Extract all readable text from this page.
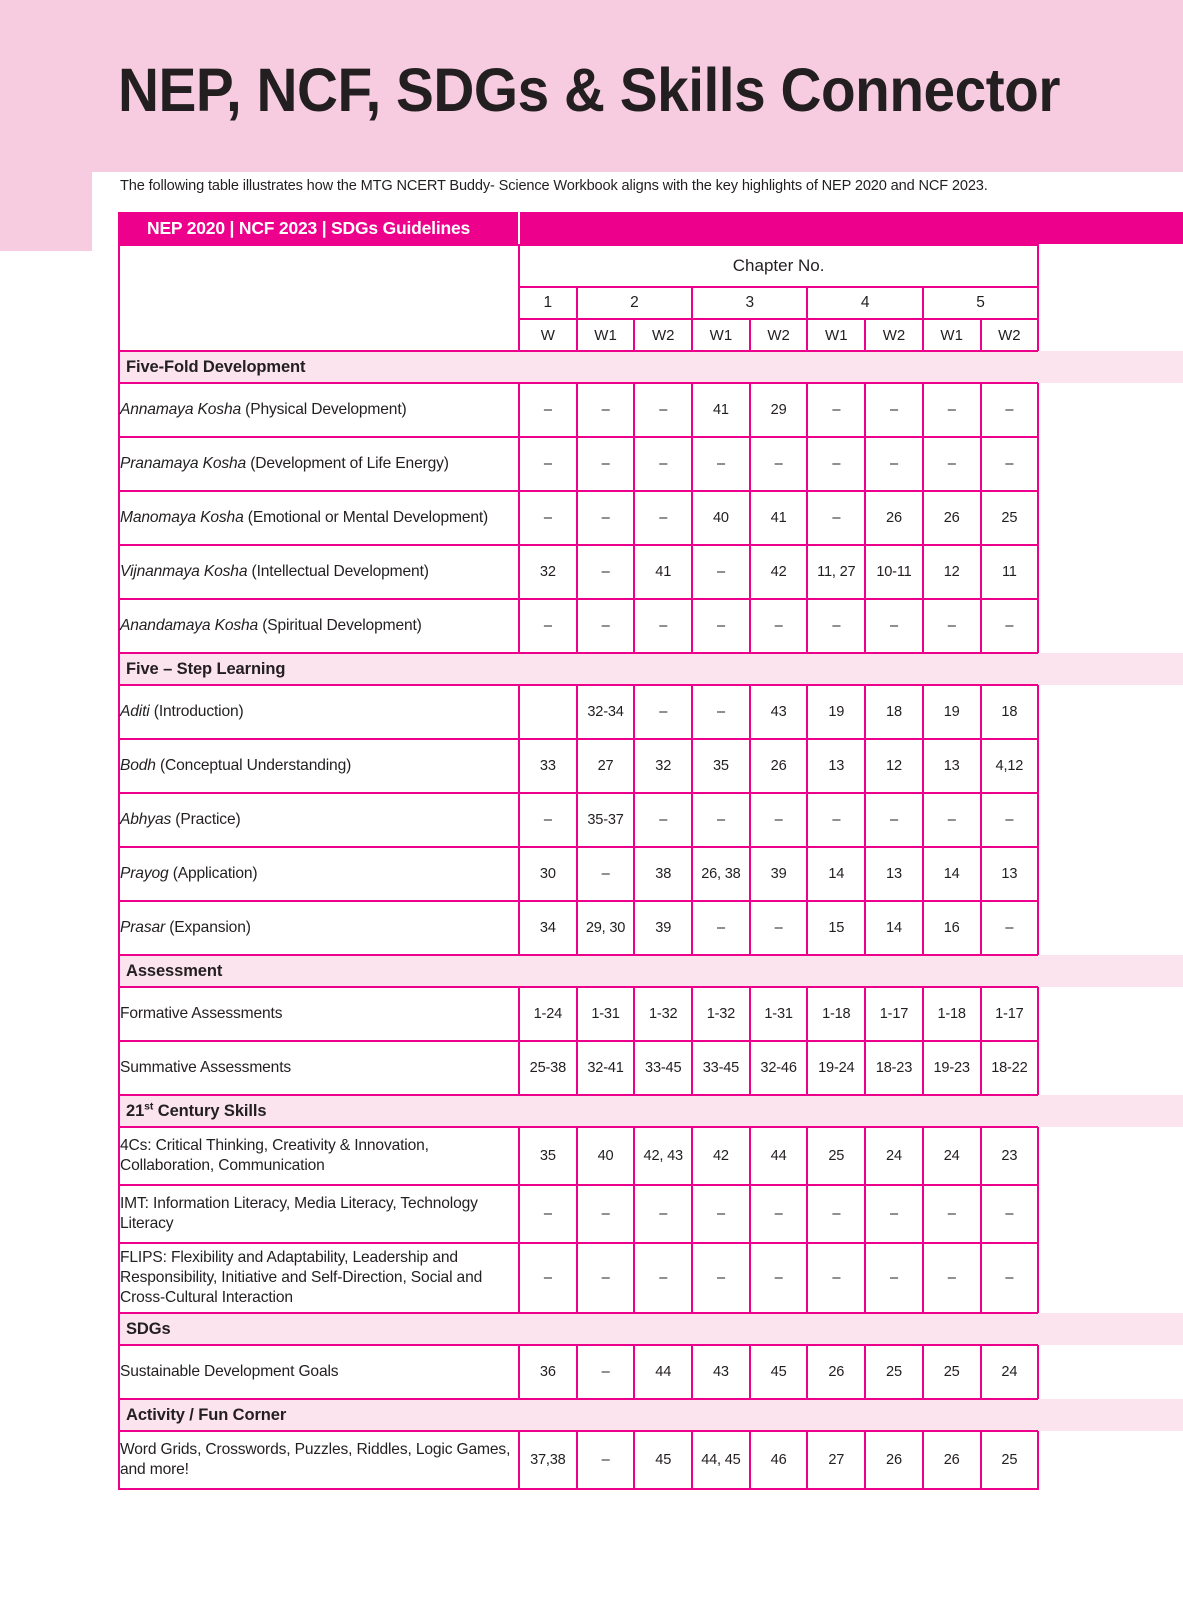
NEP, NCF, SDGs & Skills Connector
The following table illustrates how the MTG NCERT Buddy- Science Workbook aligns with the key highlights of NEP 2020 and NCF 2023.
NEP 2020 | NCF 2023 | SDGs Guidelines
	Chapter No.								
	1	2		3		4		5	
	W	W1	W2	W1	W2	W1	W2	W1	W2
Five-Fold Development									
Annamaya Kosha (Physical Development)	–	–	–	41	29	–	–	–	–
Pranamaya Kosha (Development of Life Energy)	–	–	–	–	–	–	–	–	–
Manomaya Kosha (Emotional or Mental Development)	–	–	–	40	41	–	26	26	25
Vijnanmaya Kosha (Intellectual Development)	32	–	41	–	42	11, 27	10-11	12	11
Anandamaya Kosha (Spiritual Development)	–	–	–	–	–	–	–	–	–
Five – Step Learning									
Aditi (Introduction)		32-34	–	–	43	19	18	19	18
Bodh (Conceptual Understanding)	33	27	32	35	26	13	12	13	4,12
Abhyas (Practice)	–	35-37	–	–	–	–	–	–	–
Prayog (Application)	30	–	38	26, 38	39	14	13	14	13
Prasar (Expansion)	34	29, 30	39	–	–	15	14	16	–
Assessment									
Formative Assessments	1-24	1-31	1-32	1-32	1-31	1-18	1-17	1-18	1-17
Summative Assessments	25-38	32-41	33-45	33-45	32-46	19-24	18-23	19-23	18-22
21st Century Skills									
4Cs: Critical Thinking, Creativity & Innovation, Collaboration, Communication	35	40	42, 43	42	44	25	24	24	23
IMT: Information Literacy, Media Literacy, Technology Literacy	–	–	–	–	–	–	–	–	–
FLIPS: Flexibility and Adaptability, Leadership and Responsibility, Initiative and Self-Direction, Social and Cross-Cultural Interaction	–	–	–	–	–	–	–	–	–
SDGs									
Sustainable Development Goals	36	–	44	43	45	26	25	25	24
Activity / Fun Corner									
Word Grids, Crosswords, Puzzles, Riddles, Logic Games, and more!	37,38	–	45	44, 45	46	27	26	26	25
